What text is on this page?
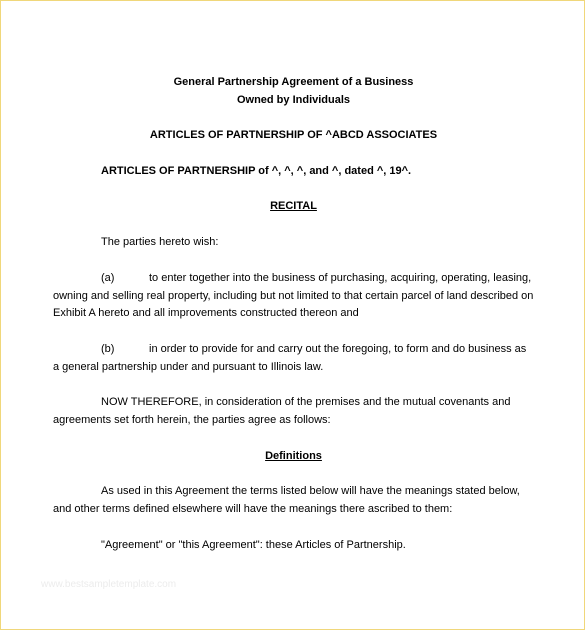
General Partnership Agreement of a Business
Owned by Individuals
ARTICLES OF PARTNERSHIP OF ^ABCD ASSOCIATES
ARTICLES OF PARTNERSHIP of ^, ^, ^, and ^, dated ^, 19^.
RECITAL
The parties hereto wish:
(a)	to enter together into the business of purchasing, acquiring, operating, leasing,
owning and selling real property, including but not limited to that certain parcel of land described on
Exhibit A hereto and all improvements constructed thereon and
(b)	in order to provide for and carry out the foregoing, to form and do business as
a general partnership under and pursuant to Illinois law.
NOW THEREFORE, in consideration of the premises and the mutual covenants and
agreements set forth herein, the parties agree as follows:
Definitions
As used in this Agreement the terms listed below will have the meanings stated below,
and other terms defined elsewhere will have the meanings there ascribed to them:
"Agreement" or "this Agreement": these Articles of Partnership.
www.bestsampletemplate.com
